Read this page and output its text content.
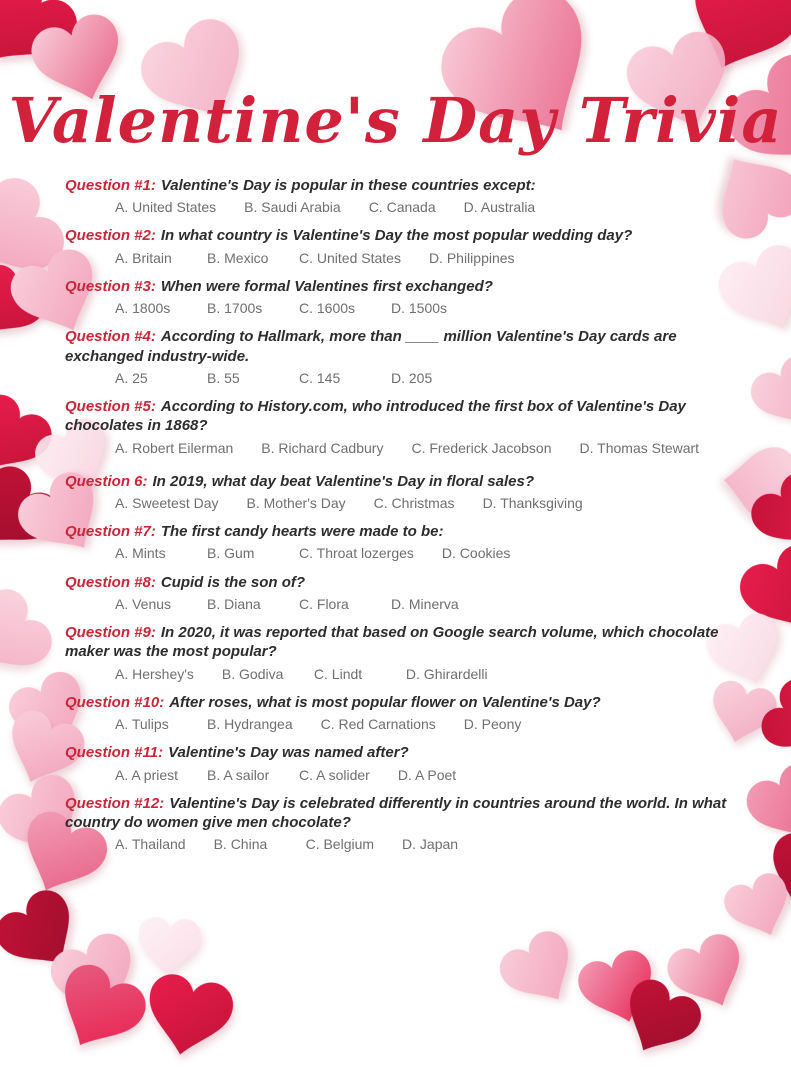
Valentine's Day Trivia

Question #1: Valentine's Day is popular in these countries except:

A. United States B. Saudi Arabia C. Canada D. Australia

Question #2: In what country is Valentine's Day the most popular wedding day?

A. Britain	B. Mexico C. United States D. Philippines

Question #3: When were formal Valentines first exchanged?

A. 1800s	B. 1700s	C. 1600s	D. 1500s

Question #4: According to Hallmark, more than ____ million Valentine's Day cards are exchanged industry-wide.

A. 25	B. 55	C. 145	D. 205

Question #5: According to History.com, who introduced the first box of Valentine's Day chocolates in 1868?

A. Robert Eilerman B. Richard Cadbury C. Frederick Jacobson D. Thomas Stewart

Question 6: In 2019, what day beat Valentine's Day in floral sales?

A. Sweetest Day B. Mother's Day C. Christmas D. Thanksgiving

Question #7: The first candy hearts were made to be:

A. Mints	B. Gum	C. Throat lozerges D. Cookies

Question #8: Cupid is the son of?

A. Venus	B. Diana	C. Flora	D. Minerva

Question #9: In 2020, it was reported that based on Google search volume, which chocolate maker was the most popular?

A. Hershey's B. Godiva C. Lindt	D. Ghirardelli

Question #10: After roses, what is most popular flower on Valentine's Day?

A. Tulips	B. Hydrangea C. Red Carnations D. Peony

Question #11: Valentine's Day was named after?

A. A priest B. A sailor C. A solider D. A Poet

Question #12: Valentine's Day is celebrated differently in countries around the world. In what country do women give men chocolate?

A. Thailand B. China	C. Belgium D. Japan
